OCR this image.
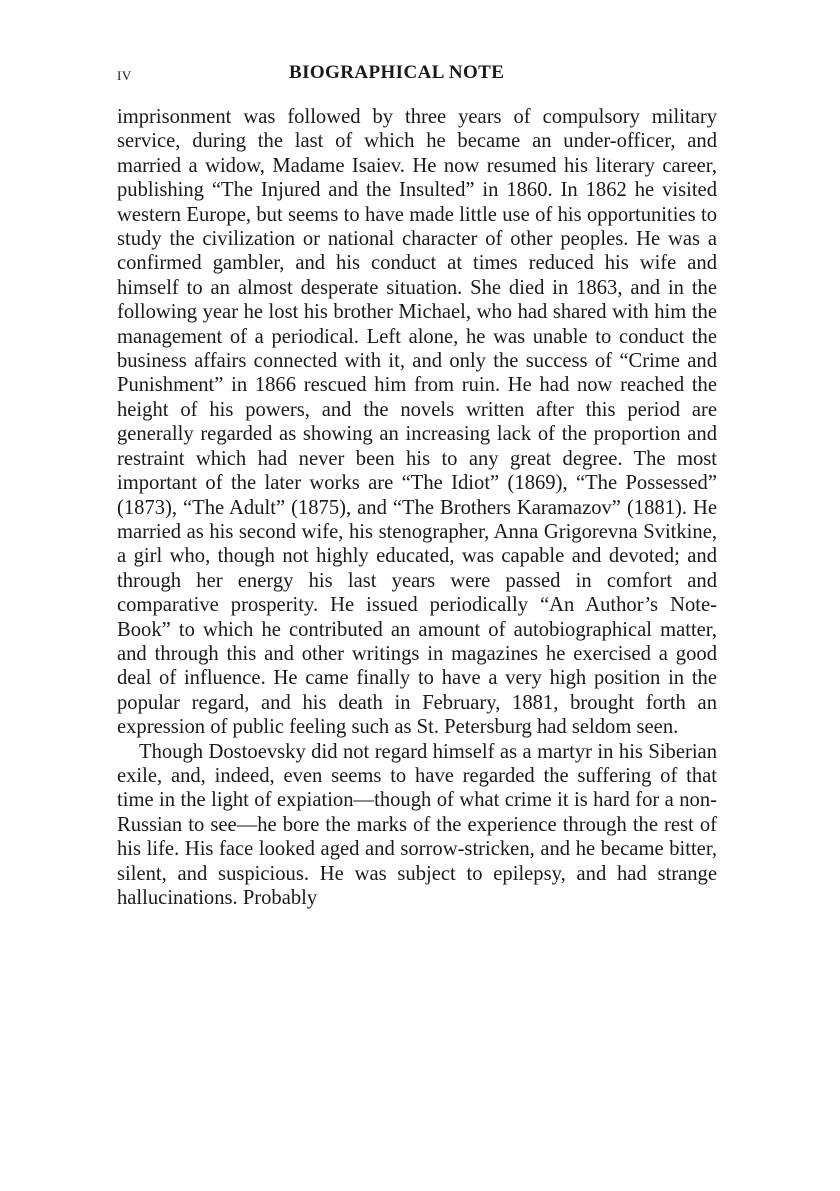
iv	BIOGRAPHICAL NOTE

imprisonment was followed by three years of compulsory military service, during the last of which he became an under-officer, and married a widow, Madame Isaiev. He now resumed his literary career, publishing “The Injured and the Insulted” in 1860. In 1862 he visited western Europe, but seems to have made little use of his opportunities to study the civilization or national character of other peoples. He was a confirmed gambler, and his conduct at times reduced his wife and himself to an almost desperate situation. She died in 1863, and in the following year he lost his brother Michael, who had shared with him the management of a periodical. Left alone, he was unable to conduct the business affairs connected with it, and only the success of “Crime and Punishment” in 1866 rescued him from ruin. He had now reached the height of his powers, and the novels written after this period are generally regarded as showing an increasing lack of the proportion and restraint which had never been his to any great degree. The most important of the later works are “The Idiot” (1869), “The Possessed” (1873), “The Adult” (1875), and “The Brothers Karamazov” (1881). He married as his second wife, his stenographer, Anna Grigorevna Svitkine, a girl who, though not highly educated, was capable and devoted; and through her energy his last years were passed in comfort and comparative prosperity. He issued periodically “An Author’s Note-Book” to which he contributed an amount of autobiographical matter, and through this and other writings in magazines he exercised a good deal of influence. He came finally to have a very high position in the popular regard, and his death in February, 1881, brought forth an expression of public feeling such as St. Petersburg had seldom seen.

Though Dostoevsky did not regard himself as a martyr in his Siberian exile, and, indeed, even seems to have regarded the suffering of that time in the light of expiation—though of what crime it is hard for a non-Russian to see—he bore the marks of the experience through the rest of his life. His face looked aged and sorrow-stricken, and he became bitter, silent, and suspicious. He was subject to epilepsy, and had strange hallucinations. Probably
